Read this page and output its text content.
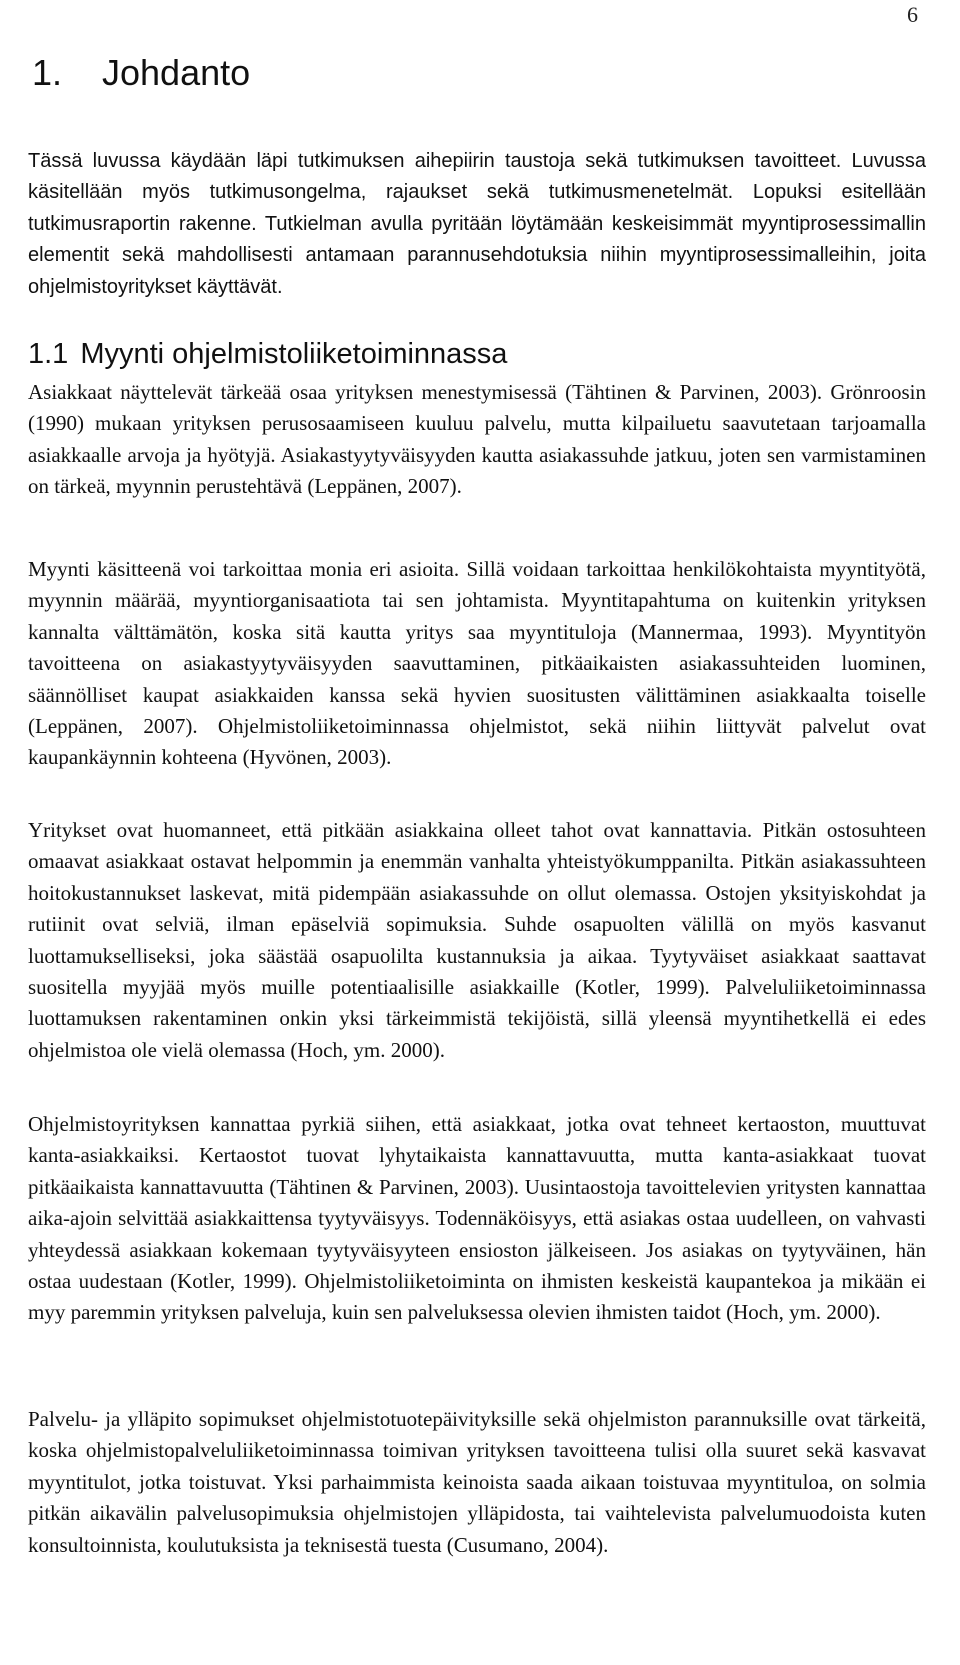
6
1. Johdanto

Tässä luvussa käydään läpi tutkimuksen aihepiirin taustoja sekä tutkimuksen tavoitteet. Luvussa käsitellään myös tutkimusongelma, rajaukset sekä tutkimusmenetelmät. Lopuksi esitellään tutkimusraportin rakenne. Tutkielman avulla pyritään löytämään keskeisimmät myyntiprosessimallin elementit sekä mahdollisesti antamaan parannusehdotuksia niihin myyntiprosessimalleihin, joita ohjelmistoyritykset käyttävät.

1.1 Myynti ohjelmistoliiketoiminnassa

Asiakkaat näyttelevät tärkeää osaa yrityksen menestymisessä (Tähtinen & Parvinen, 2003). Grönroosin (1990) mukaan yrityksen perusosaamiseen kuuluu palvelu, mutta kilpailuetu saavutetaan tarjoamalla asiakkaalle arvoja ja hyötyjä. Asiakastyytyväisyyden kautta asiakassuhde jatkuu, joten sen varmistaminen on tärkeä, myynnin perustehtävä (Leppänen, 2007).

Myynti käsitteenä voi tarkoittaa monia eri asioita. Sillä voidaan tarkoittaa henkilökohtaista myyntityötä, myynnin määrää, myyntiorganisaatiota tai sen johtamista. Myyntitapahtuma on kuitenkin yrityksen kannalta välttämätön, koska sitä kautta yritys saa myyntituloja (Mannermaa, 1993). Myyntityön tavoitteena on asiakastyytyväisyyden saavuttaminen, pitkäaikaisten asiakassuhteiden luominen, säännölliset kaupat asiakkaiden kanssa sekä hyvien suositusten välittäminen asiakkaalta toiselle (Leppänen, 2007). Ohjelmistoliiketoiminnassa ohjelmistot, sekä niihin liittyvät palvelut ovat kaupankäynnin kohteena (Hyvönen, 2003).

Yritykset ovat huomanneet, että pitkään asiakkaina olleet tahot ovat kannattavia. Pitkän ostosuhteen omaavat asiakkaat ostavat helpommin ja enemmän vanhalta yhteistyökumppanilta. Pitkän asiakassuhteen hoitokustannukset laskevat, mitä pidempään asiakassuhde on ollut olemassa. Ostojen yksityiskohdat ja rutiinit ovat selviä, ilman epäselviä sopimuksia. Suhde osapuolten välillä on myös kasvanut luottamukselliseksi, joka säästää osapuolilta kustannuksia ja aikaa. Tyytyväiset asiakkaat saattavat suositella myyjää myös muille potentiaalisille asiakkaille (Kotler, 1999). Palveluliiketoiminnassa luottamuksen rakentaminen onkin yksi tärkeimmistä tekijöistä, sillä yleensä myyntihetkellä ei edes ohjelmistoa ole vielä olemassa (Hoch, ym. 2000).

Ohjelmistoyrityksen kannattaa pyrkiä siihen, että asiakkaat, jotka ovat tehneet kertaoston, muuttuvat kanta-asiakkaiksi. Kertaostot tuovat lyhytaikaista kannattavuutta, mutta kanta-asiakkaat tuovat pitkäaikaista kannattavuutta (Tähtinen & Parvinen, 2003). Uusintaostoja tavoittelevien yritysten kannattaa aika-ajoin selvittää asiakkaittensa tyytyväisyys. Todennäköisyys, että asiakas ostaa uudelleen, on vahvasti yhteydessä asiakkaan kokemaan tyytyväisyyteen ensioston jälkeiseen. Jos asiakas on tyytyväinen, hän ostaa uudestaan (Kotler, 1999). Ohjelmistoliiketoiminta on ihmisten keskeistä kaupantekoa ja mikään ei myy paremmin yrityksen palveluja, kuin sen palveluksessa olevien ihmisten taidot (Hoch, ym. 2000).

Palvelu- ja ylläpito sopimukset ohjelmistotuotepäivityksille sekä ohjelmiston parannuksille ovat tärkeitä, koska ohjelmistopalveluliiketoiminnassa toimivan yrityksen tavoitteena tulisi olla suuret sekä kasvavat myyntitulot, jotka toistuvat. Yksi parhaimmista keinoista saada aikaan toistuvaa myyntituloa, on solmia pitkän aikavälin palvelusopimuksia ohjelmistojen ylläpidosta, tai vaihtelevista palvelumuodoista kuten konsultoinnista, koulutuksista ja teknisestä tuesta (Cusumano, 2004).
